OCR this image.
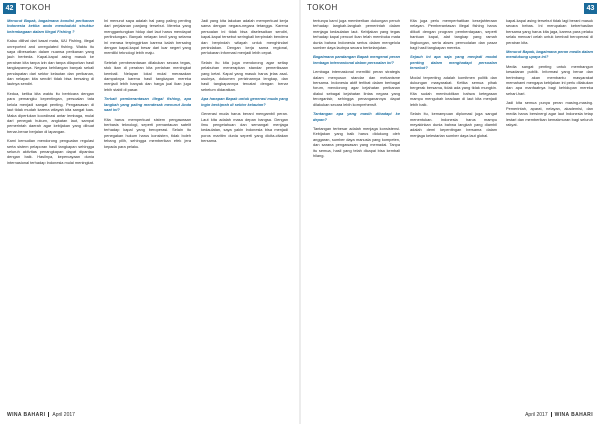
42 TOKOH

Menurut Bapak, bagaimana kondisi perikanan Indonesia ketika anda menduduki struktur kelembagaan dalam Illegal Fishing ?

Kalau dilihat dari kasat mata, iUU Fishing, illegal unreported and unregulated fishing. Waktu itu saya dibesarkan dalam nuansa perikanan yang jauh berbeda. Kapal-kapal asing masuk ke perairan kita tanpa izin dan tanpa dilaporkan hasil tangkapannya. Negara kehilangan banyak sekali pendapatan dari sektor kelautan dan perikanan, dan nelayan kita sendiri tidak bisa bersaing di lautnya sendiri.

Kedua, ketika kita waktu itu berbicara dengan para pemangku kepentingan, persoalan tata kelola menjadi sangat penting. Pengawasan di laut tidak mudah karena wilayah kita sangat luas. Maka diperlukan koordinasi antar lembaga, mulai dari penegak hukum, angkatan laut, sampai pemerintah daerah agar kebijakan yang dibuat benar-benar berjalan di lapangan.

Kami kemudian mendorong penguatan regulasi serta sistem pelaporan hasil tangkapan sehingga seluruh aktivitas penangkapan dapat dipantau dengan baik. Hasilnya, kepercayaan dunia internasional terhadap Indonesia mulai meningkat.

Ini menurut saya adalah hal yang paling penting dari perjalanan panjang tersebut. Mereka yang menggantungkan hidup dari laut harus mendapat perlindungan. Banyak nelayan kecil yang selama ini merasa terpinggirkan karena kalah bersaing dengan kapal-kapal besar dari luar negeri yang memiliki teknologi lebih maju.

Setelah pemberantasan dilakukan secara tegas, stok ikan di perairan kita perlahan meningkat kembali. Nelayan lokal mulai merasakan dampaknya karena hasil tangkapan mereka menjadi lebih banyak dan harga jual ikan juga lebih stabil di pasar.

Terkait pemberantasan illegal fishing, apa langkah yang paling mendesak menurut Anda saat ini?

Kita harus memperkuat sistem pengawasan berbasis teknologi, seperti pemantauan satelit terhadap kapal yang beroperasi. Selain itu penegakan hukum harus konsisten, tidak boleh tebang pilih, sehingga memberikan efek jera kepada para pelaku.

Jadi yang kita lakukan adalah memperkuat kerja sama dengan negara-negara tetangga. Karena persoalan ini tidak bisa diselesaikan sendiri, kapal-kapal tersebut seringkali berpindah bendera dan berpindah wilayah untuk menghindari penindakan. Dengan kerja sama regional, pertukaran informasi menjadi lebih cepat.

Selain itu kita juga mendorong agar setiap pelabuhan menerapkan standar pemeriksaan yang ketat. Kapal yang masuk harus jelas asal-usulnya, dokumen perizinannya lengkap, dan hasil tangkapannya tercatat dengan benar sebelum didaratkan.

Apa harapan Bapak untuk generasi muda yang ingin berkiprah di sektor kelautan?

Generasi muda harus berani mengambil peran. Laut kita adalah masa depan bangsa. Dengan ilmu pengetahuan dan semangat menjaga kedaulatan, saya yakin Indonesia bisa menjadi poros maritim dunia seperti yang dicita-citakan bersama.

WINA BAHARI April 2017
TOKOH	43

tentunya kami juga memberikan dukungan penuh terhadap langkah-langkah pemerintah dalam menjaga kedaulatan laut. Kebijakan yang tegas terhadap kapal pencuri ikan telah membuka mata dunia bahwa Indonesia serius dalam mengelola sumber daya lautnya secara berkelanjutan.

Bagaimana pandangan Bapak mengenai peran lembaga internasional dalam persoalan ini?

Lembaga internasional memiliki peran strategis dalam menyusun standar dan mekanisme bersama. Indonesia aktif terlibat dalam berbagai forum, mendorong agar kejahatan perikanan diakui sebagai kejahatan lintas negara yang terorganisir, sehingga penanganannya dapat dilakukan secara lebih komprehensif.

Tantangan apa yang masih dihadapi ke depan?

Tantangan terbesar adalah menjaga konsistensi. Kebijakan yang baik harus didukung oleh anggaran, sumber daya manusia yang kompeten, dan sarana pengawasan yang memadai. Tanpa itu semua, hasil yang telah dicapai bisa kembali hilang.

Kita juga perlu memperhatikan kesejahteraan nelayan. Pemberantasan illegal fishing harus diikuti dengan program pemberdayaan, seperti bantuan kapal, alat tangkap yang ramah lingkungan, serta akses permodalan dan pasar bagi hasil tangkapan mereka.

Sejauh ini apa saja yang menjadi modal penting dalam menghadapi persoalan tersebut?

Modal terpenting adalah komitmen politik dan dukungan masyarakat. Ketika semua pihak bergerak bersama, tidak ada yang tidak mungkin. Kita sudah membuktikan bahwa ketegasan mampu mengubah keadaan di laut kita menjadi lebih baik.

Selain itu, kemampuan diplomasi juga sangat menentukan. Indonesia harus mampu meyakinkan dunia bahwa langkah yang diambil adalah demi kepentingan bersama dalam menjaga kelestarian sumber daya laut global.

kapal-kapal asing tersebut tidak lagi berani masuk secara bebas. Ini merupakan keberhasilan bersama yang harus kita jaga, karena para pelaku selalu mencari celah untuk kembali beroperasi di perairan kita.

Menurut Bapak, bagaimana peran media dalam mendukung upaya ini?

Media sangat penting untuk membangun kesadaran publik. Informasi yang benar dan berimbang akan membantu masyarakat memahami mengapa kebijakan ini perlu dilakukan dan apa manfaatnya bagi kehidupan mereka sehari-hari.

Jadi kita semua punya peran masing-masing. Pemerintah, aparat, nelayan, akademisi, dan media harus bersinergi agar laut Indonesia tetap lestari dan memberikan kemakmuran bagi seluruh rakyat.

April 2017 WINA BAHARI
